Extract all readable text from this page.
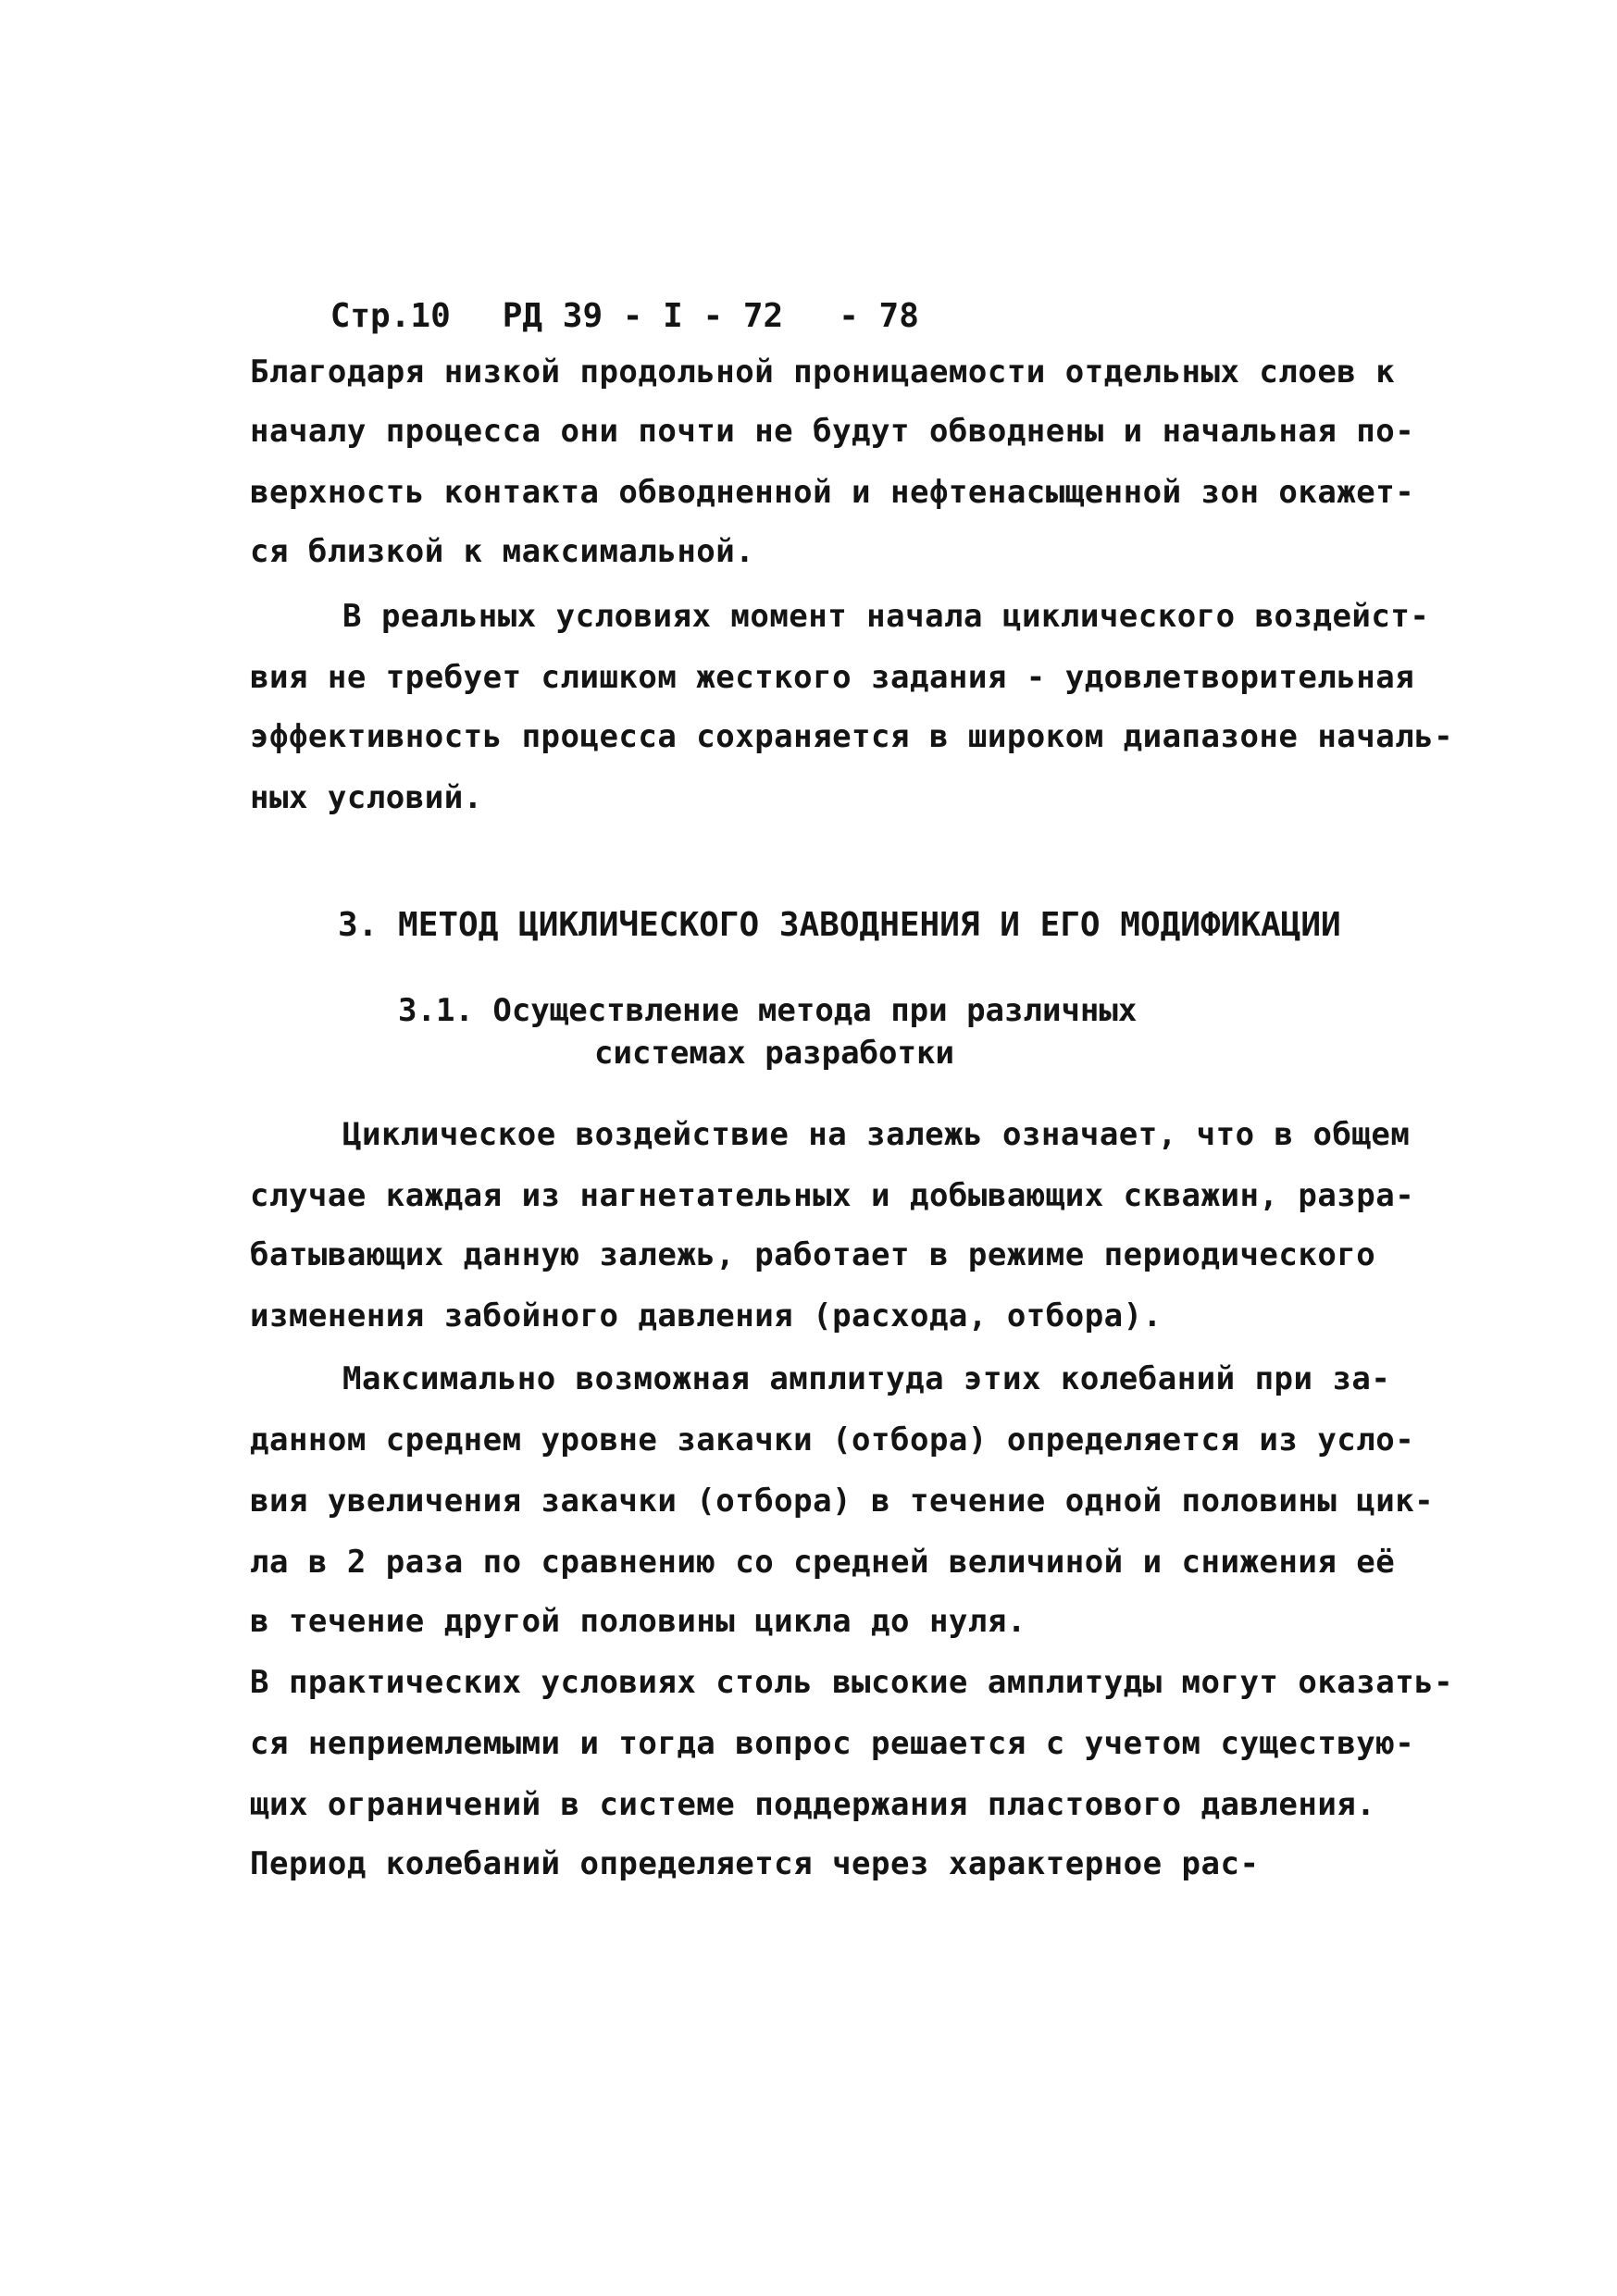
Стр.10 РД 39 - I - 72 - 78

Благодаря низкой продольной проницаемости отдельных слоев к
началу процесса они почти не будут обводнены и начальная по-
верхность контакта обводненной и нефтенасыщенной зон окажет-
ся близкой к максимальной.
В реальных условиях момент начала циклического воздейст-
вия не требует слишком жесткого задания - удовлетворительная
эффективность процесса сохраняется в широком диапазоне началь-
ных условий.
3. МЕТОД ЦИКЛИЧЕСКОГО ЗАВОДНЕНИЯ И ЕГО МОДИФИКАЦИИ
3.1. Осуществление метода при различных
системах разработки
Циклическое воздействие на залежь означает, что в общем
случае каждая из нагнетательных и добывающих скважин, разра-
батывающих данную залежь, работает в режиме периодического
изменения забойного давления (расхода, отбора).
Максимально возможная амплитуда этих колебаний при за-
данном среднем уровне закачки (отбора) определяется из усло-
вия увеличения закачки (отбора) в течение одной половины цик-
ла в 2 раза по сравнению со средней величиной и снижения её
в течение другой половины цикла до нуля.
В практических условиях столь высокие амплитуды могут оказать-
ся неприемлемыми и тогда вопрос решается с учетом существую-
щих ограничений в системе поддержания пластового давления.
Период колебаний определяется через характерное рас-
